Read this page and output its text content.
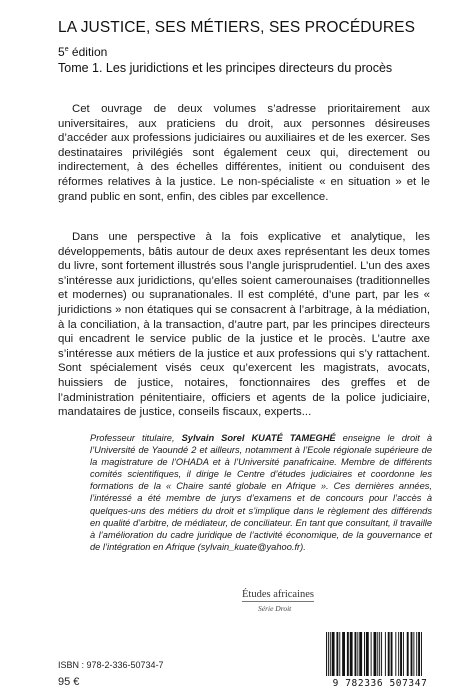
LA JUSTICE, SES MÉTIERS, SES PROCÉDURES
5e édition
Tome 1. Les juridictions et les principes directeurs du procès

Cet ouvrage de deux volumes s’adresse prioritairement aux universitaires, aux praticiens du droit, aux personnes désireuses d’accéder aux professions judiciaires ou auxiliaires et de les exercer. Ses destinataires privilégiés sont également ceux qui, directement ou indirectement, à des échelles différentes, initient ou conduisent des réformes relatives à la justice. Le non-spécialiste « en situation » et le grand public en sont, enfin, des cibles par excellence.

Dans une perspective à la fois explicative et analytique, les développements, bâtis autour de deux axes représentant les deux tomes du livre, sont fortement illustrés sous l’angle jurisprudentiel. L’un des axes s’intéresse aux juridictions, qu’elles soient camerounaises (traditionnelles et modernes) ou supranationales. Il est complété, d’une part, par les « juridictions » non étatiques qui se consacrent à l’arbitrage, à la médiation, à la conciliation, à la transaction, d’autre part, par les principes directeurs qui encadrent le service public de la justice et le procès. L’autre axe s’intéresse aux métiers de la justice et aux professions qui s’y rattachent. Sont spécialement visés ceux qu’exercent les magistrats, avocats, huissiers de justice, notaires, fonctionnaires des greffes et de l’administration pénitentiaire, officiers et agents de la police judiciaire, mandataires de justice, conseils fiscaux, experts...

Professeur titulaire, Sylvain Sorel KUATÉ TAMEGHÉ enseigne le droit à l’Université de Yaoundé 2 et ailleurs, notamment à l’Ecole régionale supérieure de la magistrature de l’OHADA et à l’Université panafricaine. Membre de différents comités scientifiques, il dirige le Centre d’études judiciaires et coordonne les formations de la « Chaire santé globale en Afrique ». Ces dernières années, l’intéressé a été membre de jurys d’examens et de concours pour l’accès à quelques-uns des métiers du droit et s’implique dans le règlement des différends en qualité d’arbitre, de médiateur, de conciliateur. En tant que consultant, il travaille à l’amélioration du cadre juridique de l’activité économique, de la gouvernance et de l’intégration en Afrique (sylvain_kuate@yahoo.fr).
Études africaines
Série Droit
ISBN : 978-2-336-50734-7
95 €	9 782336 507347
